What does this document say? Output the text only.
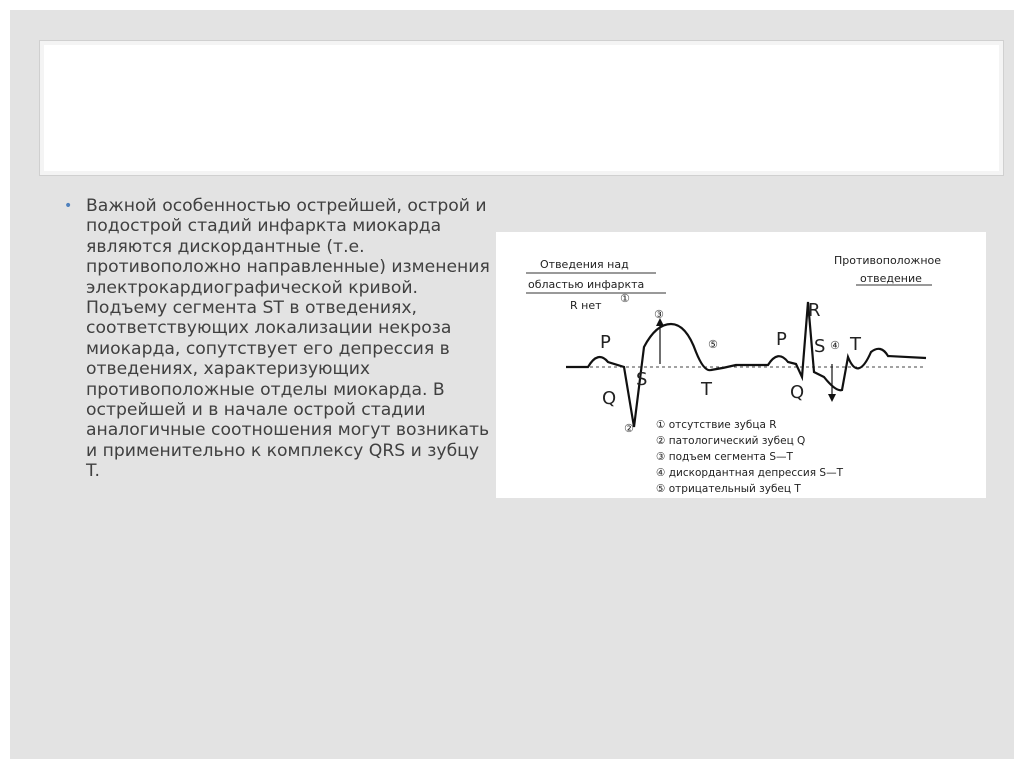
• Важной особенностью острейшей, острой и подострой стадий инфаркта миокарда являются дискордантные (т.е. противоположно направленные) изменения электрокардиографической кривой. Подъему сегмента ST в отведениях, соответствующих локализации некроза миокарда, сопутствует его депрессия в отведениях, характеризующих противоположные отделы миокарда. В острейшей и в начале острой стадии аналогичные соотношения могут возникать и применительно к комплексу QRS и зубцу T.
Отведения над
областью инфаркта
R нет
Противоположное
отведение
P
Q
S	T
P
R
S T
Q
①
③
②
⑤	④
① отсутствие зубца R
② патологический зубец Q
③ подъем сегмента S—T
④ дискордантная депрессия S—T
⑤ отрицательный зубец T
